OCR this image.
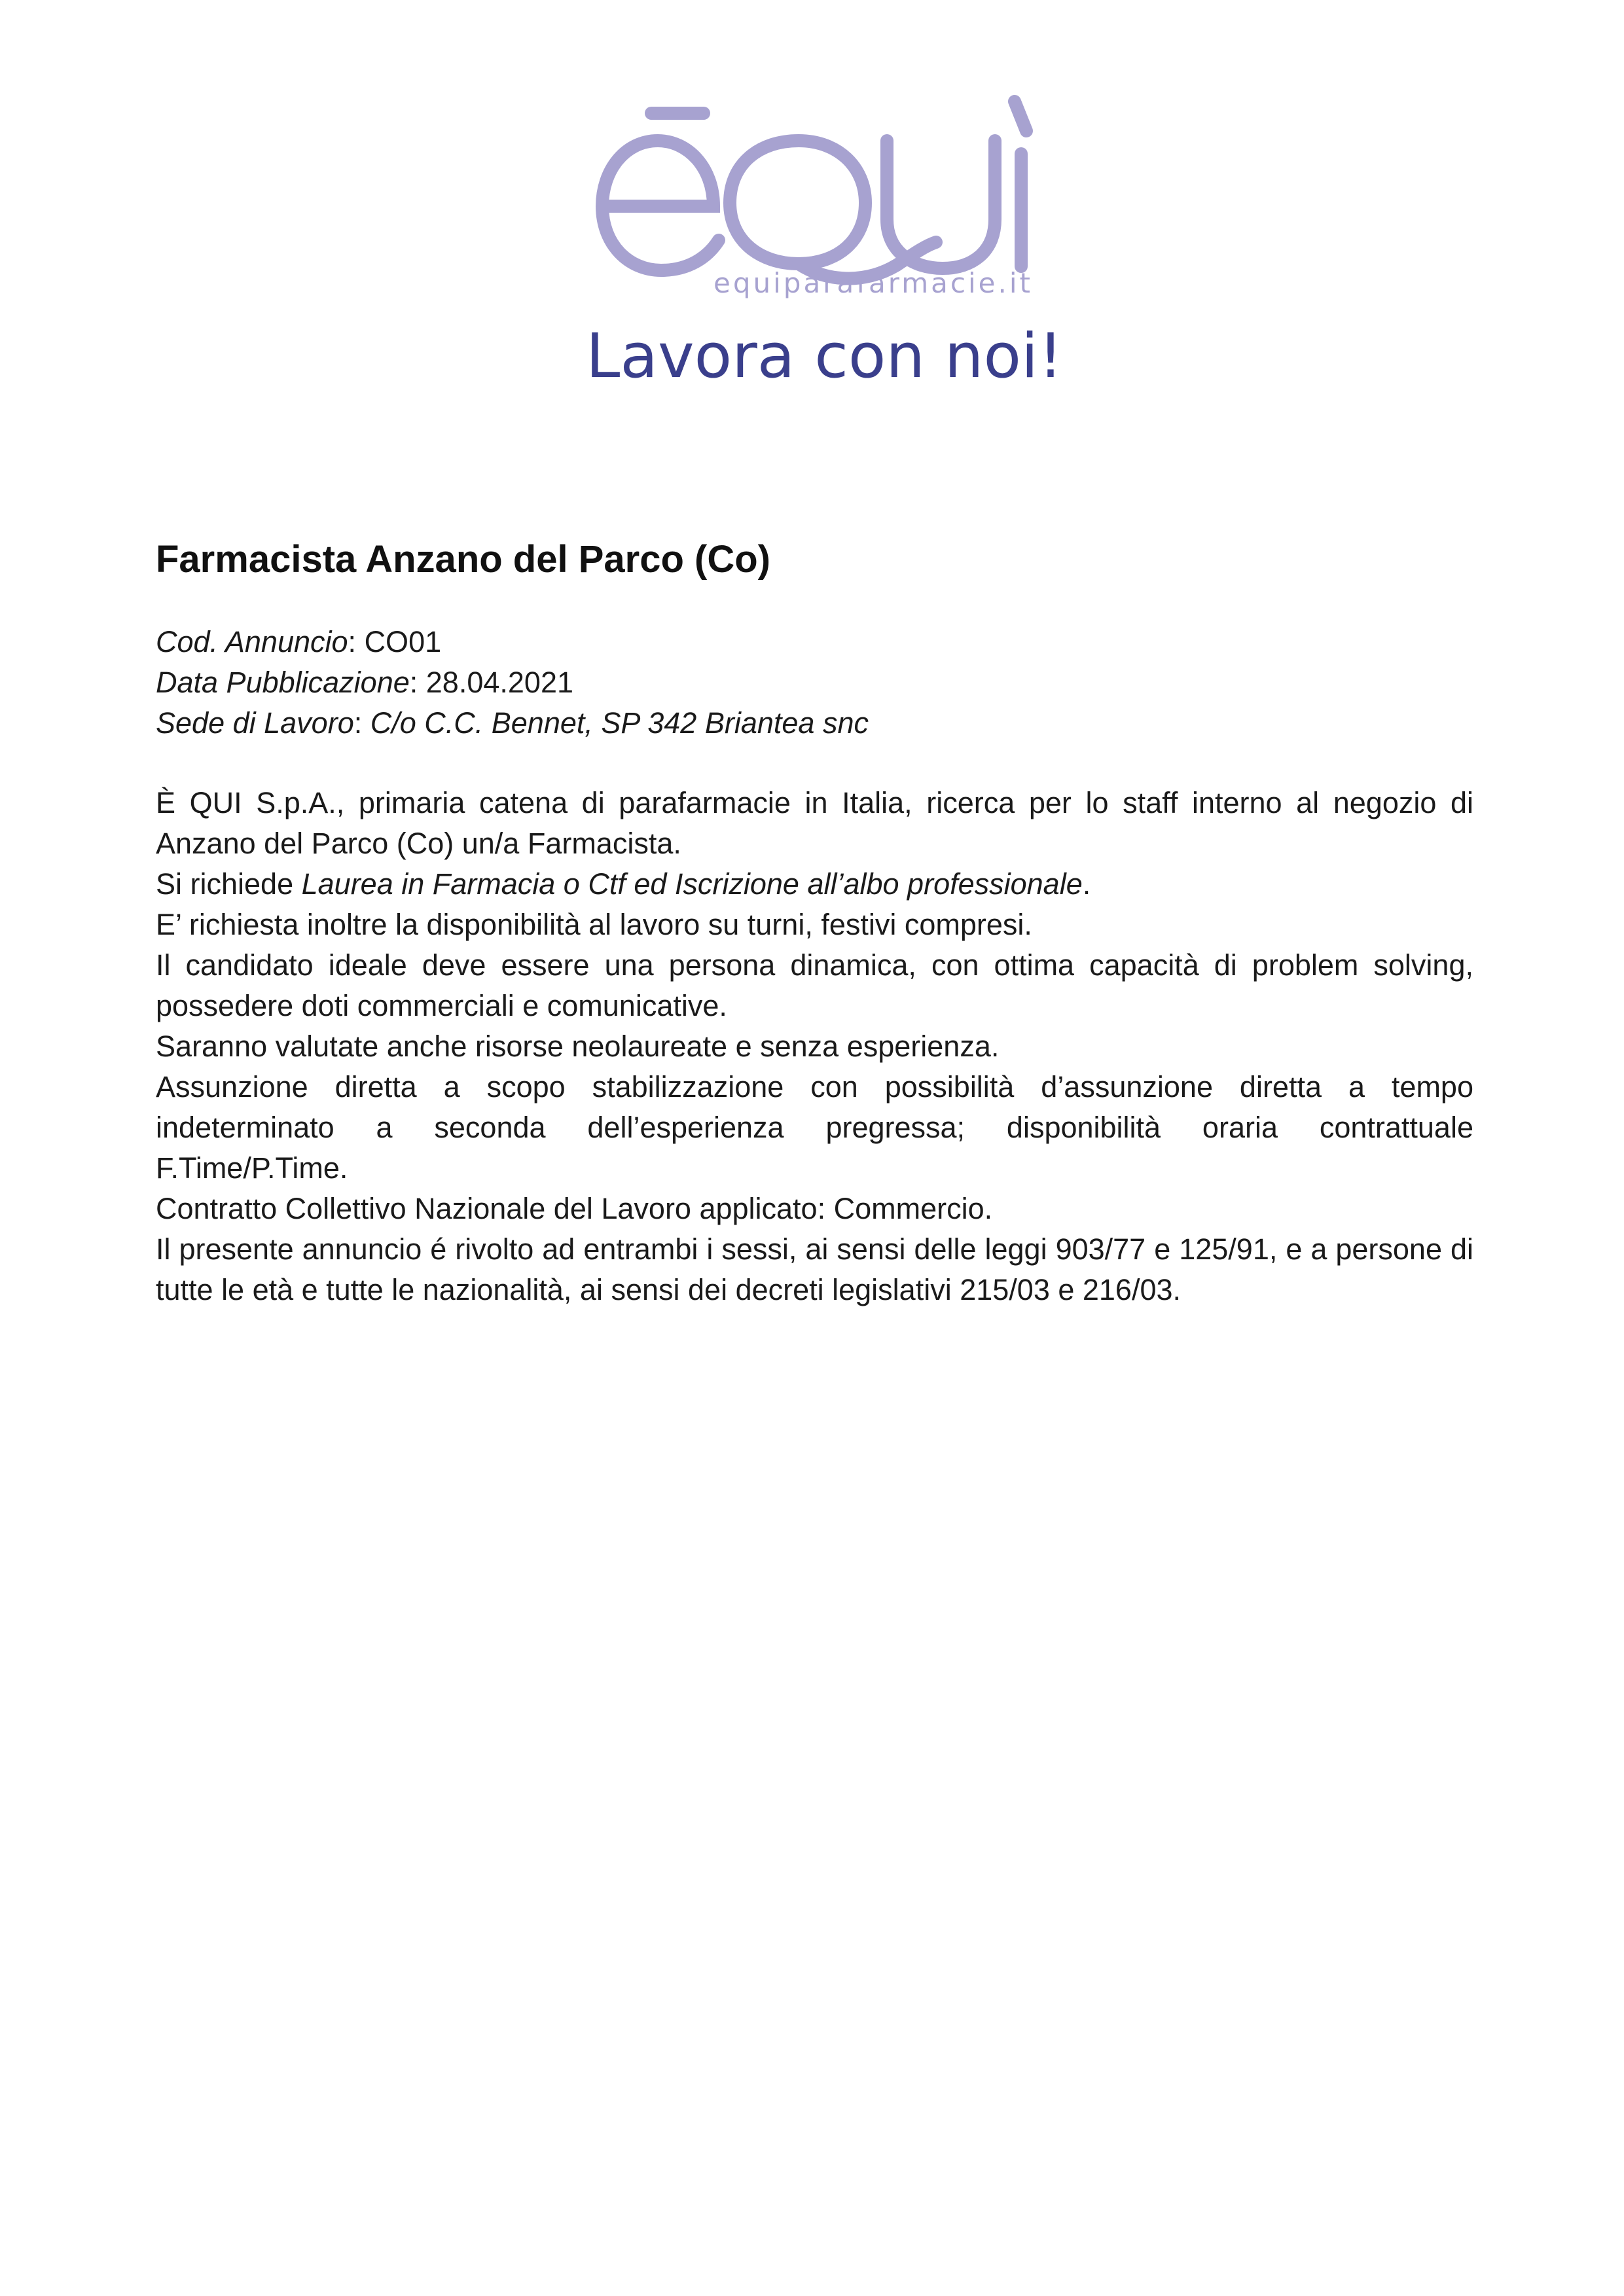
equiparafarmacie.it
Lavora con noi!
Farmacista Anzano del Parco (Co)
Cod. Annuncio: CO01
Data Pubblicazione: 28.04.2021
Sede di Lavoro: C/o C.C. Bennet, SP 342 Briantea snc

È QUI S.p.A., primaria catena di parafarmacie in Italia, ricerca per lo staff interno al negozio di Anzano del Parco (Co) un/a Farmacista.

Si richiede Laurea in Farmacia o Ctf ed Iscrizione all’albo professionale.

E’ richiesta inoltre la disponibilità al lavoro su turni, festivi compresi.

Il candidato ideale deve essere una persona dinamica, con ottima capacità di problem solving, possedere doti commerciali e comunicative.

Saranno valutate anche risorse neolaureate e senza esperienza.

Assunzione diretta a scopo stabilizzazione con possibilità d’assunzione diretta a tempo indeterminato a seconda dell’esperienza pregressa; disponibilità oraria contrattuale

F.Time/P.Time.

Contratto Collettivo Nazionale del Lavoro applicato: Commercio.

Il presente annuncio é rivolto ad entrambi i sessi, ai sensi delle leggi 903/77 e 125/91, e a persone di tutte le età e tutte le nazionalità, ai sensi dei decreti legislativi 215/03 e 216/03.
